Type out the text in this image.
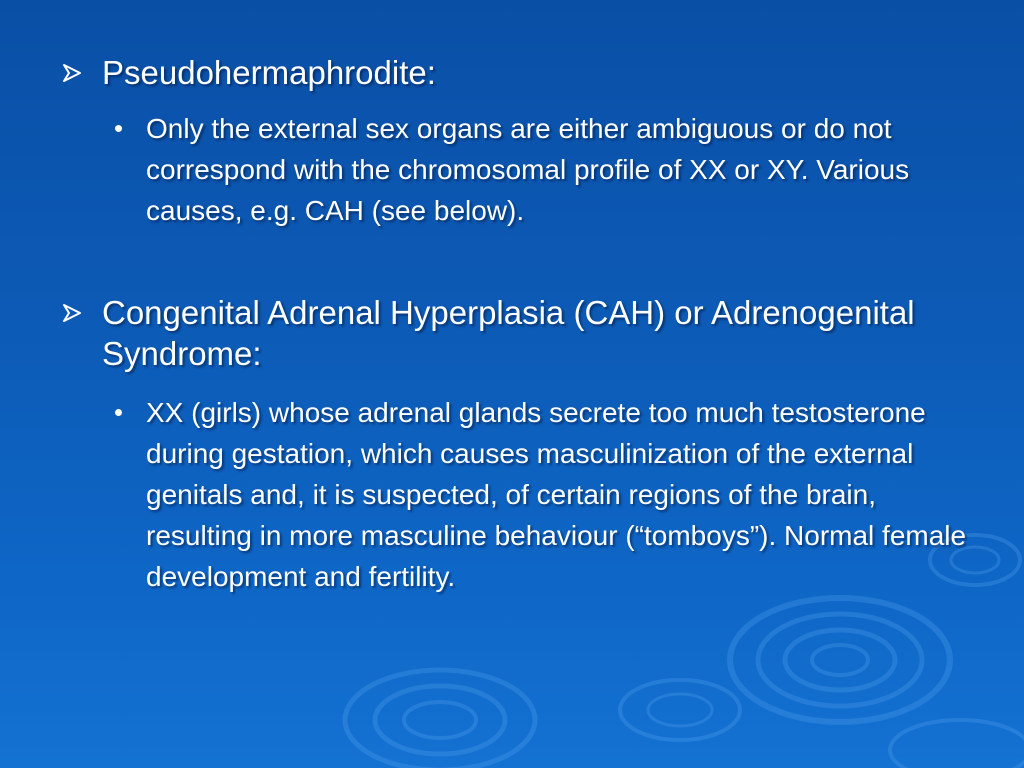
Pseudohermaphrodite:
Only the external sex organs are either ambiguous or do not correspond with the chromosomal profile of XX or XY. Various causes, e.g. CAH (see below).
Congenital Adrenal Hyperplasia (CAH) or Adrenogenital Syndrome:
XX (girls) whose adrenal glands secrete too much testosterone during gestation, which causes masculinization of the external genitals and, it is suspected, of certain regions of the brain, resulting in more masculine behaviour (“tomboys”). Normal female development and fertility.
